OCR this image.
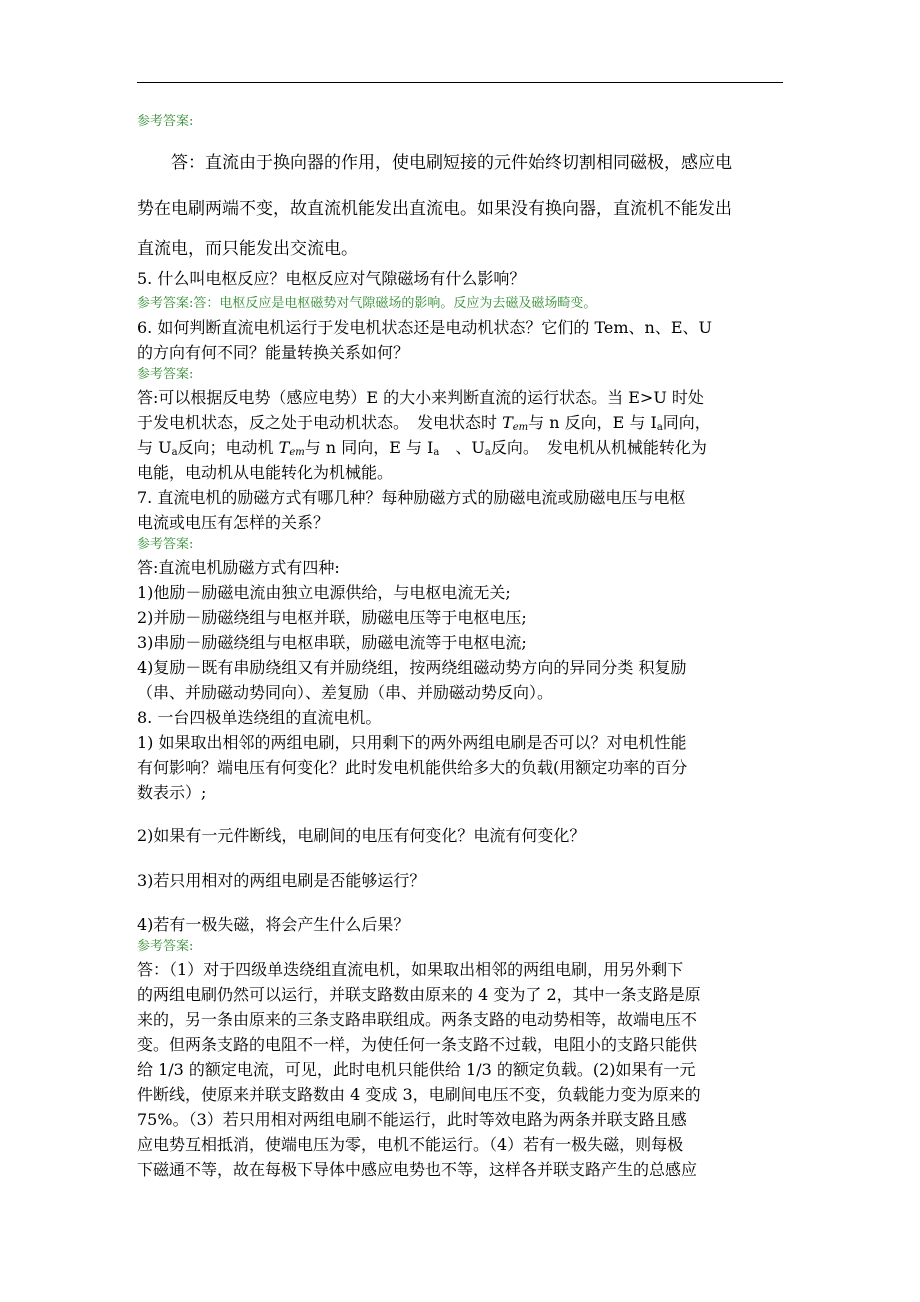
参考答案:
　　答：直流由于换向器的作用，使电刷短接的元件始终切割相同磁极，感应电
势在电刷两端不变，故直流机能发出直流电。如果没有换向器，直流机不能发出
直流电，而只能发出交流电。
5. 什么叫电枢反应？电枢反应对气隙磁场有什么影响？
参考答案:答：电枢反应是电枢磁势对气隙磁场的影响。反应为去磁及磁场畸变。
6. 如何判断直流电机运行于发电机状态还是电动机状态？它们的 Tem、n、E、U
的方向有何不同？能量转换关系如何？
参考答案:
答:可以根据反电势（感应电势）E 的大小来判断直流的运行状态。当 E>U 时处
于发电机状态，反之处于电动机状态。　发电状态时 $T_{em}$与 n 反向，E 与 $I_a$同向，
与 $U_a$反向；电动机 $T_{em}$与 n 同向，E 与 $I_a$　、$U_a$反向。　发电机从机械能转化为
电能，电动机从电能转化为机械能。
7. 直流电机的励磁方式有哪几种？每种励磁方式的励磁电流或励磁电压与电枢
电流或电压有怎样的关系？
参考答案:
答:直流电机励磁方式有四种:
1)他励－励磁电流由独立电源供给，与电枢电流无关;
2)并励－励磁绕组与电枢并联，励磁电压等于电枢电压;
3)串励－励磁绕组与电枢串联，励磁电流等于电枢电流;
4)复励－既有串励绕组又有并励绕组，按两绕组磁动势方向的异同分类 积复励
（串、并励磁动势同向）、差复励（串、并励磁动势反向）。
8. 一台四极单迭绕组的直流电机。
1) 如果取出相邻的两组电刷，只用剩下的两外两组电刷是否可以？对电机性能
有何影响？端电压有何变化？此时发电机能供给多大的负载(用额定功率的百分
数表示）;
2)如果有一元件断线，电刷间的电压有何变化？电流有何变化？
3)若只用相对的两组电刷是否能够运行？
4)若有一极失磁，将会产生什么后果？
参考答案:
答：（1）对于四级单迭绕组直流电机，如果取出相邻的两组电刷，用另外剩下
的两组电刷仍然可以运行，并联支路数由原来的 4 变为了 2，其中一条支路是原
来的，另一条由原来的三条支路串联组成。两条支路的电动势相等，故端电压不
变。但两条支路的电阻不一样，为使任何一条支路不过载，电阻小的支路只能供
给 1/3 的额定电流，可见，此时电机只能供给 1/3 的额定负载。(2)如果有一元
件断线，使原来并联支路数由 4 变成 3，电刷间电压不变，负载能力变为原来的
75%。（3）若只用相对两组电刷不能运行，此时等效电路为两条并联支路且感
应电势互相抵消，使端电压为零，电机不能运行。（4）若有一极失磁，则每极
下磁通不等，故在每极下导体中感应电势也不等，这样各并联支路产生的总感应
